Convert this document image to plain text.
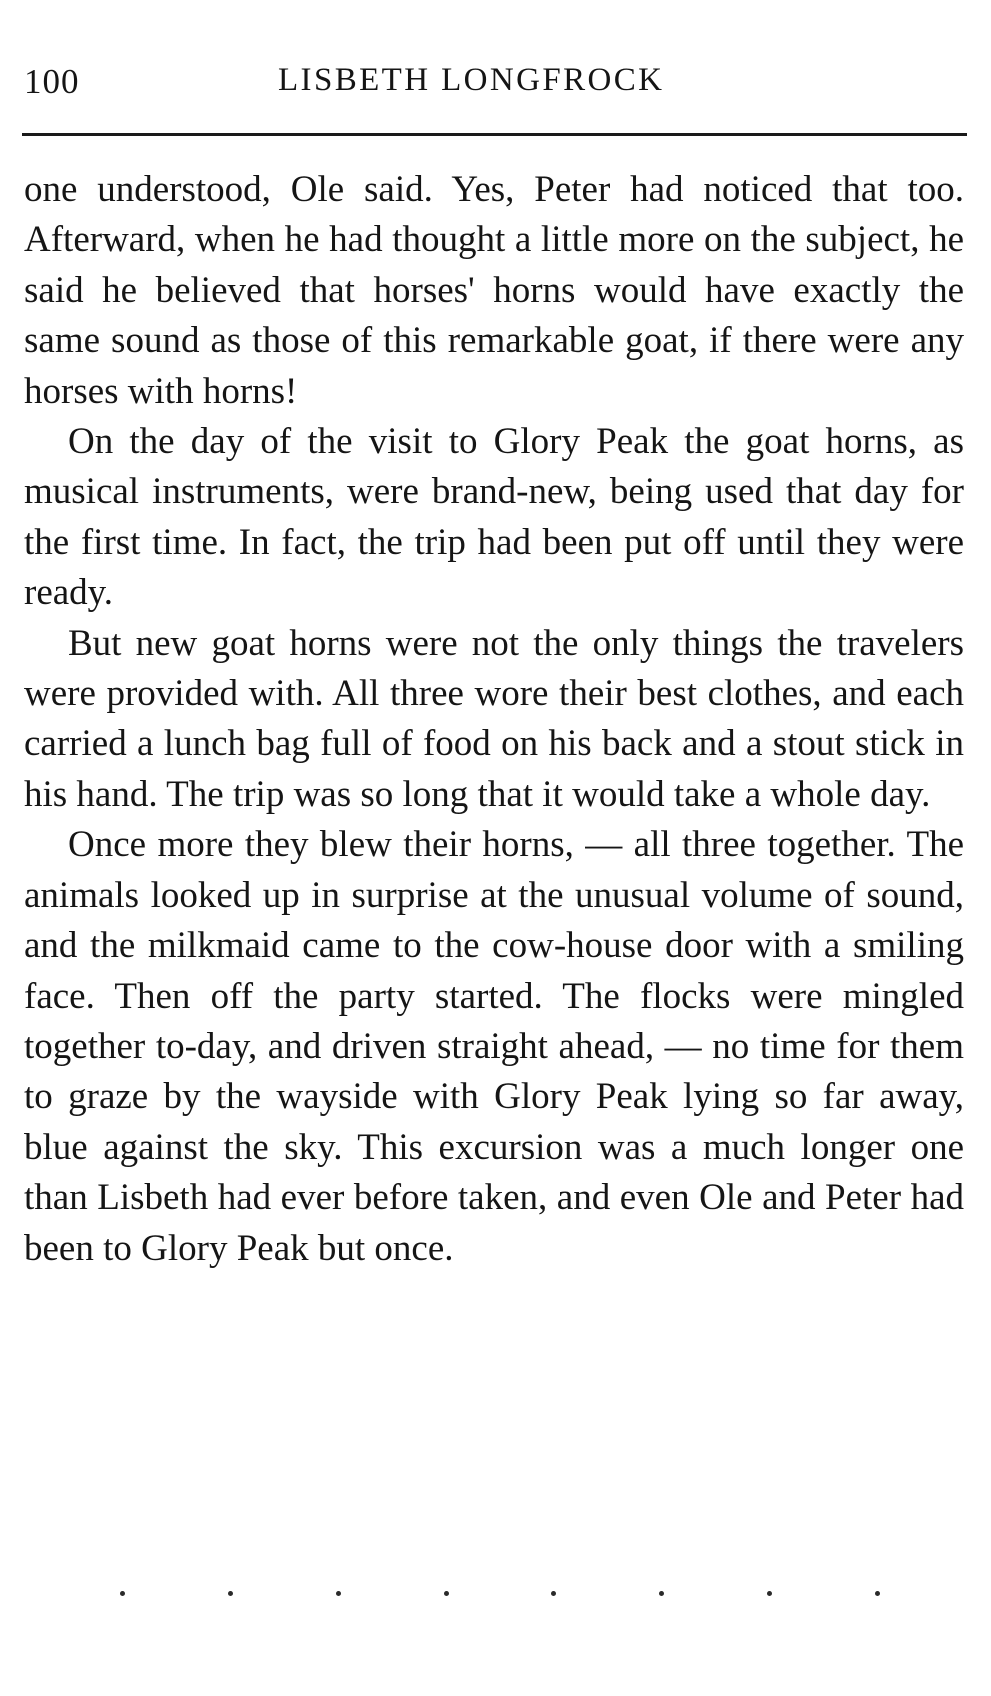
100	LISBETH LONGFROCK

one understood, Ole said. Yes, Peter had noticed that too. Afterward, when he had thought a little more on the subject, he said he believed that horses' horns would have exactly the same sound as those of this remarkable goat, if there were any horses with horns!

On the day of the visit to Glory Peak the goat horns, as musical instruments, were brand-new, being used that day for the first time. In fact, the trip had been put off until they were ready.

But new goat horns were not the only things the travelers were provided with. All three wore their best clothes, and each carried a lunch bag full of food on his back and a stout stick in his hand. The trip was so long that it would take a whole day.

Once more they blew their horns, — all three together. The animals looked up in surprise at the unusual volume of sound, and the milkmaid came to the cow-house door with a smiling face. Then off the party started. The flocks were mingled together to-day, and driven straight ahead, — no time for them to graze by the wayside with Glory Peak lying so far away, blue against the sky. This excursion was a much longer one than Lisbeth had ever before taken, and even Ole and Peter had been to Glory Peak but once.
